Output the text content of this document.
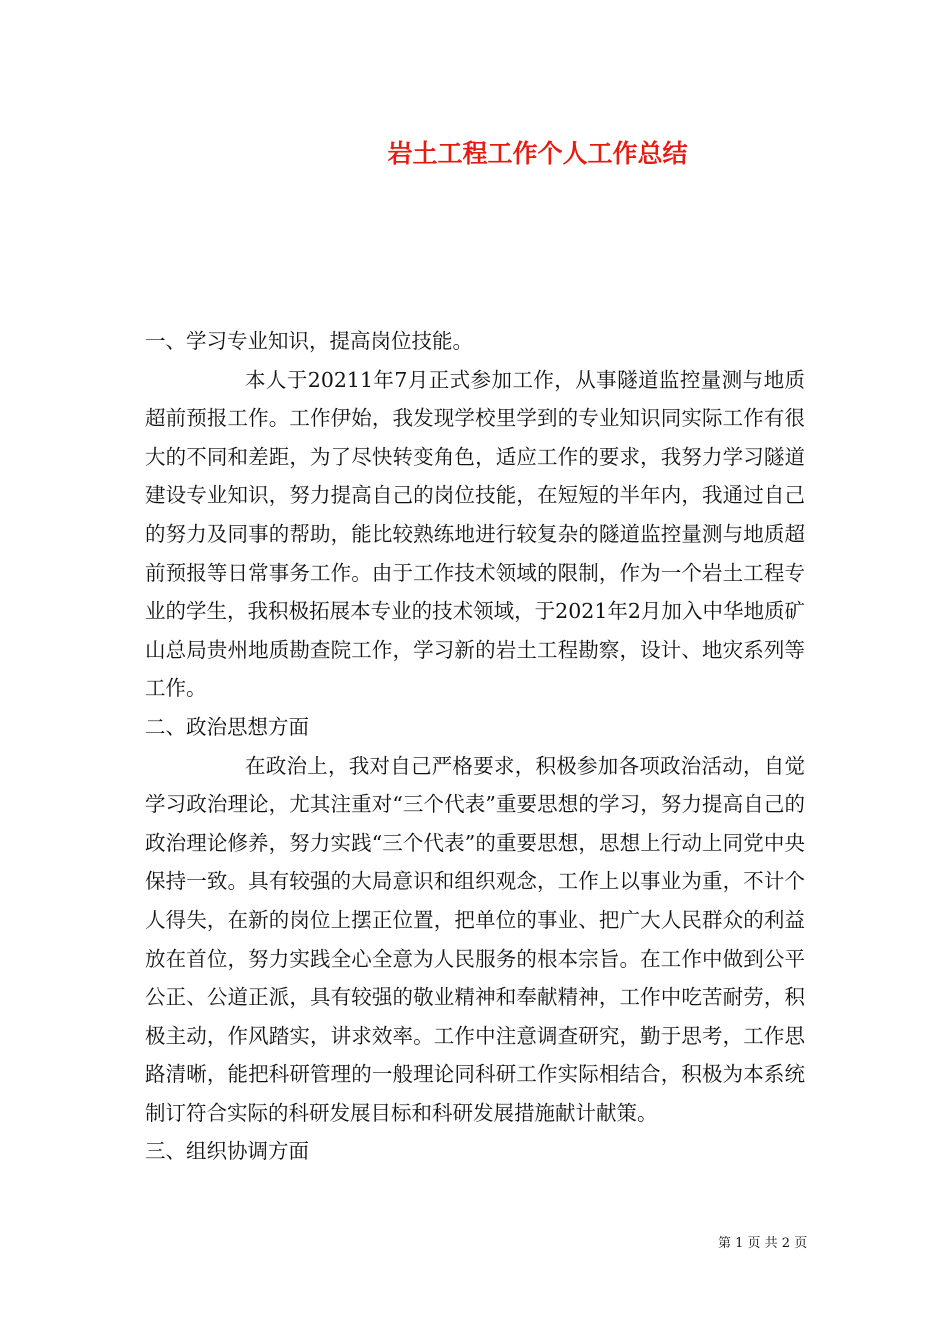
岩土工程工作个人工作总结

一、学习专业知识，提高岗位技能。

本人于20211年7月正式参加工作，从事隧道监控量测与地质超前预报工作。工作伊始，我发现学校里学到的专业知识同实际工作有很大的不同和差距，为了尽快转变角色，适应工作的要求，我努力学习隧道建设专业知识，努力提高自己的岗位技能，在短短的半年内，我通过自己的努力及同事的帮助，能比较熟练地进行较复杂的隧道监控量测与地质超前预报等日常事务工作。由于工作技术领域的限制，作为一个岩土工程专业的学生，我积极拓展本专业的技术领域，于2021年2月加入中华地质矿山总局贵州地质勘查院工作，学习新的岩土工程勘察，设计、地灾系列等工作。

二、政治思想方面

在政治上，我对自己严格要求，积极参加各项政治活动，自觉学习政治理论，尤其注重对“三个代表”重要思想的学习，努力提高自己的政治理论修养，努力实践“三个代表”的重要思想，思想上行动上同党中央保持一致。具有较强的大局意识和组织观念，工作上以事业为重，不计个人得失，在新的岗位上摆正位置，把单位的事业、把广大人民群众的利益放在首位，努力实践全心全意为人民服务的根本宗旨。在工作中做到公平公正、公道正派，具有较强的敬业精神和奉献精神，工作中吃苦耐劳，积极主动，作风踏实，讲求效率。工作中注意调查研究，勤于思考，工作思路清晰，能把科研管理的一般理论同科研工作实际相结合，积极为本系统制订符合实际的科研发展目标和科研发展措施献计献策。

三、组织协调方面

第 1 页 共 2 页
